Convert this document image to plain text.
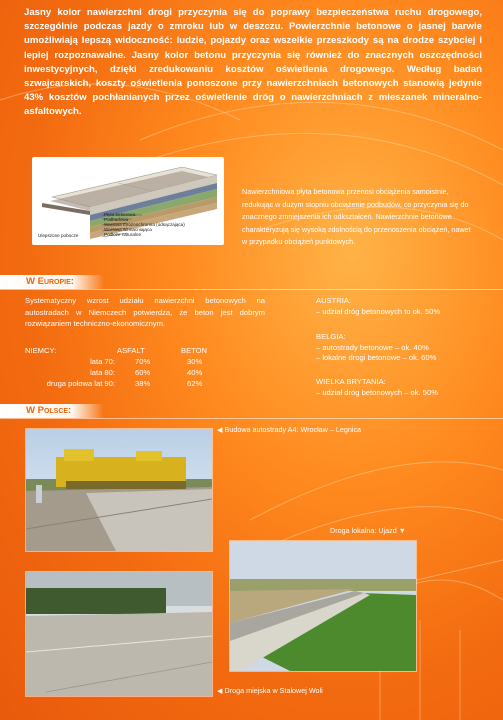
Jasny kolor nawierzchni drogi przyczynia się do poprawy bezpieczeństwa ruchu drogowego, szczególnie podczas jazdy o zmroku lub w deszczu. Powierzchnie betonowe o jasnej barwie umożliwiają lepszą widoczność: ludzie, pojazdy oraz wszelkie przeszkody są na drodze szybciej i lepiej rozpoznawalne. Jasny kolor betonu przyczynia się również do znacznych oszczędności inwestycyjnych, dzięki zredukowaniu kosztów oświetlenia drogowego. Według badań szwajcarskich, koszty oświetlenia ponoszone przy nawierzchniach betonowych stanowią jedynie 43% kosztów pochłanianych przez oświetlenie dróg o nawierzchniach z mieszanek mineralno-asfaltowych.

Płyta betonowa
Podbudowa
Warstwa mrozoochronna (odsączająca)
Warstwa wzmacniająca
Podłoże naturalne
Ulepszone pobocze

Nawierzchniowa płyta betonowa przenosi obciążenia samoistnie, redukując w dużym stopniu obciążenie podbudów, co przyczynia się do znacznego zmniejszenia ich odkształceń. Nawierzchnie betonowe charakteryzują się wysoką zdolnością do przenoszenia obciążeń, nawet w przypadku obciążeń punktowych.

W Europie:

Systematyczny wzrost udziału nawierzchni betonowych na autostradach w Niemczech potwierdza, że beton jest dobrym rozwiązaniem techniczno-ekonomicznym.

NIEMCY:	ASFALT	BETON
lata 70:	70%	30%
lata 80:	60%	40%
druga połowa lat 90:	38%	62%
AUSTRIA:
– udział dróg betonowych to ok. 50%
BELGIA:
– autostrady betonowe – ok. 40%
– lokalne drogi betonowe – ok. 60%
WIELKA BRYTANIA:
– udział dróg betonowych – ok. 50%
W Polsce:
◀ Budowa autostrady A4: Wrocław – Legnica
Droga lokalna: Ujazd ▼
◀ Droga miejska w Stalowej Woli
